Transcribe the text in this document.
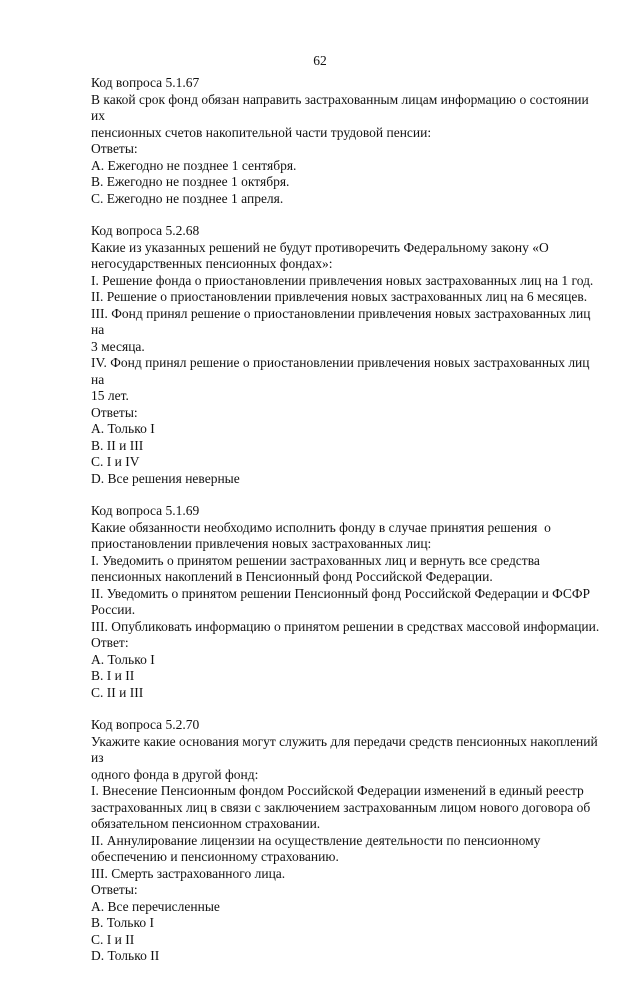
62
Код вопроса 5.1.67
В какой срок фонд обязан направить застрахованным лицам информацию о состоянии их
пенсионных счетов накопительной части трудовой пенсии:
Ответы:
А. Ежегодно не позднее 1 сентября.
В. Ежегодно не позднее 1 октября.
С. Ежегодно не позднее 1 апреля.
Код вопроса 5.2.68
Какие из указанных решений не будут противоречить Федеральному закону «О
негосударственных пенсионных фондах»:
I. Решение фонда о приостановлении привлечения новых застрахованных лиц на 1 год.
II. Решение о приостановлении привлечения новых застрахованных лиц на 6 месяцев.
III. Фонд принял решение о приостановлении привлечения новых застрахованных лиц на
3 месяца.
IV. Фонд принял решение о приостановлении привлечения новых застрахованных лиц на
15 лет.
Ответы:
A. Только I
B. II и III
C. I и IV
D. Все решения неверные
Код вопроса 5.1.69
Какие обязанности необходимо исполнить фонду в случае принятия решения  о
приостановлении привлечения новых застрахованных лиц:
I. Уведомить о принятом решении застрахованных лиц и вернуть все средства
пенсионных накоплений в Пенсионный фонд Российской Федерации.
II. Уведомить о принятом решении Пенсионный фонд Российской Федерации и ФСФР
России.
III. Опубликовать информацию о принятом решении в средствах массовой информации.
Ответ:
А. Только I
В. I и II
С. II и III
Код вопроса 5.2.70
Укажите какие основания могут служить для передачи средств пенсионных накоплений из
одного фонда в другой фонд:
I. Внесение Пенсионным фондом Российской Федерации изменений в единый реестр
застрахованных лиц в связи с заключением застрахованным лицом нового договора об
обязательном пенсионном страховании.
II. Аннулирование лицензии на осуществление деятельности по пенсионному
обеспечению и пенсионному страхованию.
III. Смерть застрахованного лица.
Ответы:
A. Все перечисленные
B. Только I
C. I и II
D. Только II
